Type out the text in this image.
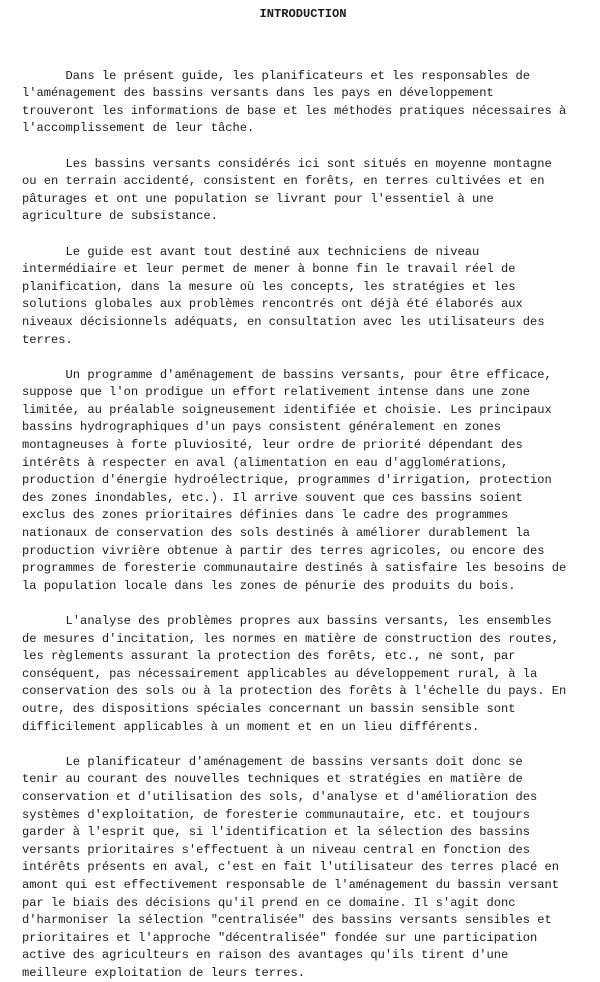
INTRODUCTION
Dans le présent guide, les planificateurs et les responsables de
l'aménagement des bassins versants dans les pays en développement
trouveront les informations de base et les méthodes pratiques nécessaires à
l'accomplissement de leur tâche.
Les bassins versants considérés ici sont situés en moyenne montagne
ou en terrain accidenté, consistent en forêts, en terres cultivées et en
pâturages et ont une population se livrant pour l'essentiel à une
agriculture de subsistance.
Le guide est avant tout destiné aux techniciens de niveau
intermédiaire et leur permet de mener à bonne fin le travail réel de
planification, dans la mesure où les concepts, les stratégies et les
solutions globales aux problèmes rencontrés ont déjà été élaborés aux
niveaux décisionnels adéquats, en consultation avec les utilisateurs des
terres.
Un programme d'aménagement de bassins versants, pour être efficace,
suppose que l'on prodigue un effort relativement intense dans une zone
limitée, au préalable soigneusement identifiée et choisie. Les principaux
bassins hydrographiques d'un pays consistent généralement en zones
montagneuses à forte pluviosité, leur ordre de priorité dépendant des
intérêts à respecter en aval (alimentation en eau d'agglomérations,
production d'énergie hydroélectrique, programmes d'irrigation, protection
des zones inondables, etc.). Il arrive souvent que ces bassins soient
exclus des zones prioritaires définies dans le cadre des programmes
nationaux de conservation des sols destinés à améliorer durablement la
production vivrière obtenue à partir des terres agricoles, ou encore des
programmes de foresterie communautaire destinés à satisfaire les besoins de
la population locale dans les zones de pénurie des produits du bois.
L'analyse des problèmes propres aux bassins versants, les ensembles
de mesures d'incitation, les normes en matière de construction des routes,
les règlements assurant la protection des forêts, etc., ne sont, par
conséquent, pas nécessairement applicables au développement rural, à la
conservation des sols ou à la protection des forêts à l'échelle du pays. En
outre, des dispositions spéciales concernant un bassin sensible sont
difficilement applicables à un moment et en un lieu différents.
Le planificateur d'aménagement de bassins versants doit donc se
tenir au courant des nouvelles techniques et stratégies en matière de
conservation et d'utilisation des sols, d'analyse et d'amélioration des
systèmes d'exploitation, de foresterie communautaire, etc. et toujours
garder à l'esprit que, si l'identification et la sélection des bassins
versants prioritaires s'effectuent à un niveau central en fonction des
intérêts présents en aval, c'est en fait l'utilisateur des terres placé en
amont qui est effectivement responsable de l'aménagement du bassin versant
par le biais des décisions qu'il prend en ce domaine. Il s'agit donc
d'harmoniser la sélection "centralisée" des bassins versants sensibles et
prioritaires et l'approche "décentralisée" fondée sur une participation
active des agriculteurs en raison des avantages qu'ils tirent d'une
meilleure exploitation de leurs terres.
